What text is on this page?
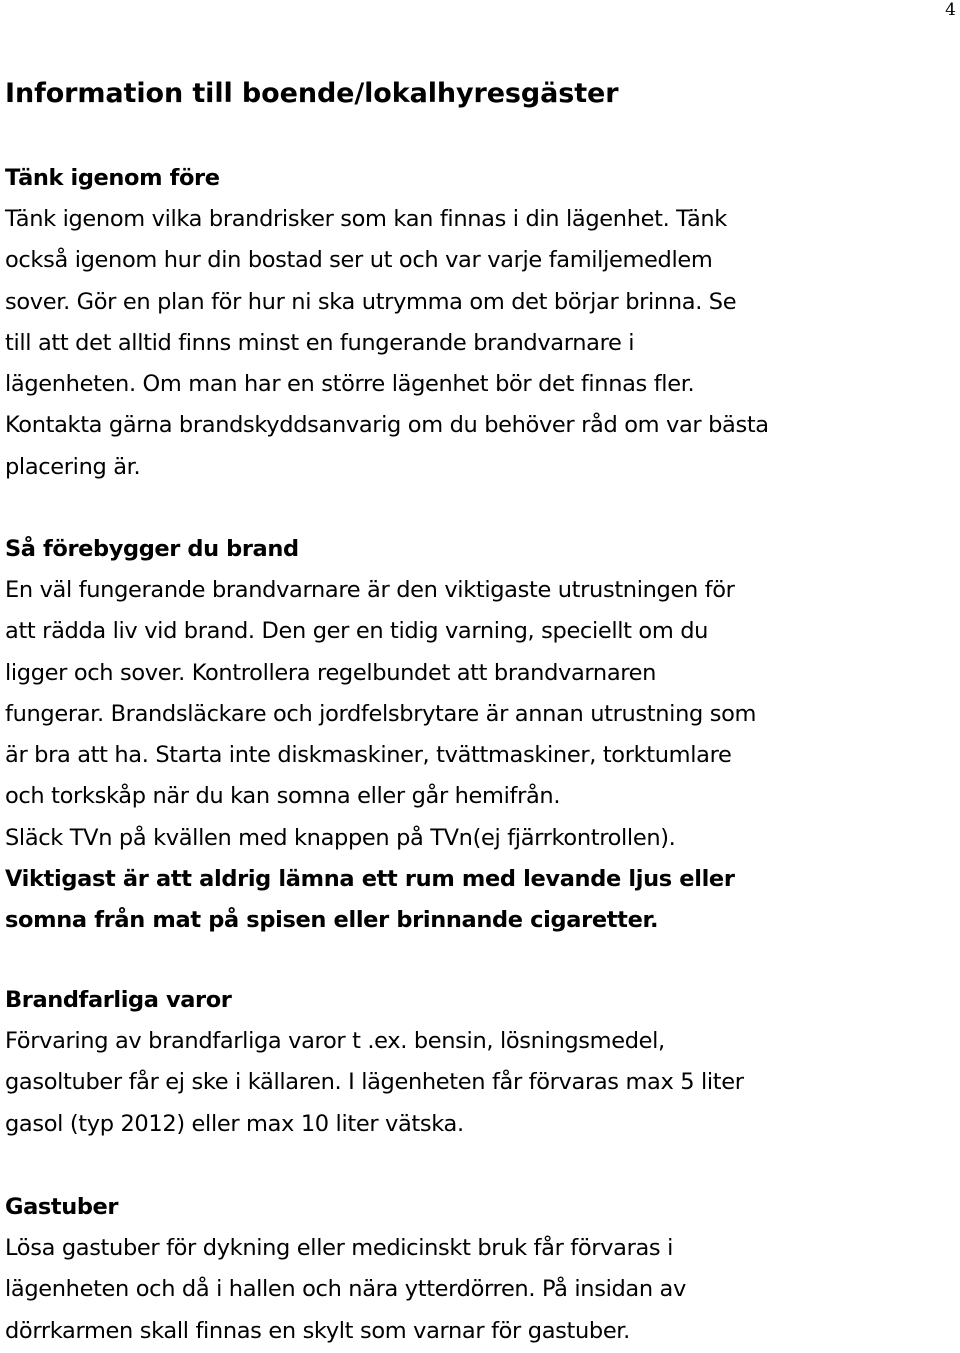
4
Information till boende/lokalhyresgäster
Tänk igenom före
Tänk igenom vilka brandrisker som kan finnas i din lägenhet. Tänk
också igenom hur din bostad ser ut och var varje familjemedlem
sover. Gör en plan för hur ni ska utrymma om det börjar brinna. Se
till att det alltid finns minst en fungerande brandvarnare i
lägenheten. Om man har en större lägenhet bör det finnas fler.
Kontakta gärna brandskyddsanvarig om du behöver råd om var bästa
placering är.
Så förebygger du brand
En väl fungerande brandvarnare är den viktigaste utrustningen för
att rädda liv vid brand. Den ger en tidig varning, speciellt om du
ligger och sover. Kontrollera regelbundet att brandvarnaren
fungerar. Brandsläckare och jordfelsbrytare är annan utrustning som
är bra att ha. Starta inte diskmaskiner, tvättmaskiner, torktumlare
och torkskåp när du kan somna eller går hemifrån.
Släck TVn på kvällen med knappen på TVn(ej fjärrkontrollen).
Viktigast är att aldrig lämna ett rum med levande ljus eller
somna från mat på spisen eller brinnande cigaretter.
Brandfarliga varor
Förvaring av brandfarliga varor t .ex. bensin, lösningsmedel,
gasoltuber får ej ske i källaren. I lägenheten får förvaras max 5 liter
gasol (typ 2012) eller max 10 liter vätska.
Gastuber
Lösa gastuber för dykning eller medicinskt bruk får förvaras i
lägenheten och då i hallen och nära ytterdörren. På insidan av
dörrkarmen skall finnas en skylt som varnar för gastuber.
